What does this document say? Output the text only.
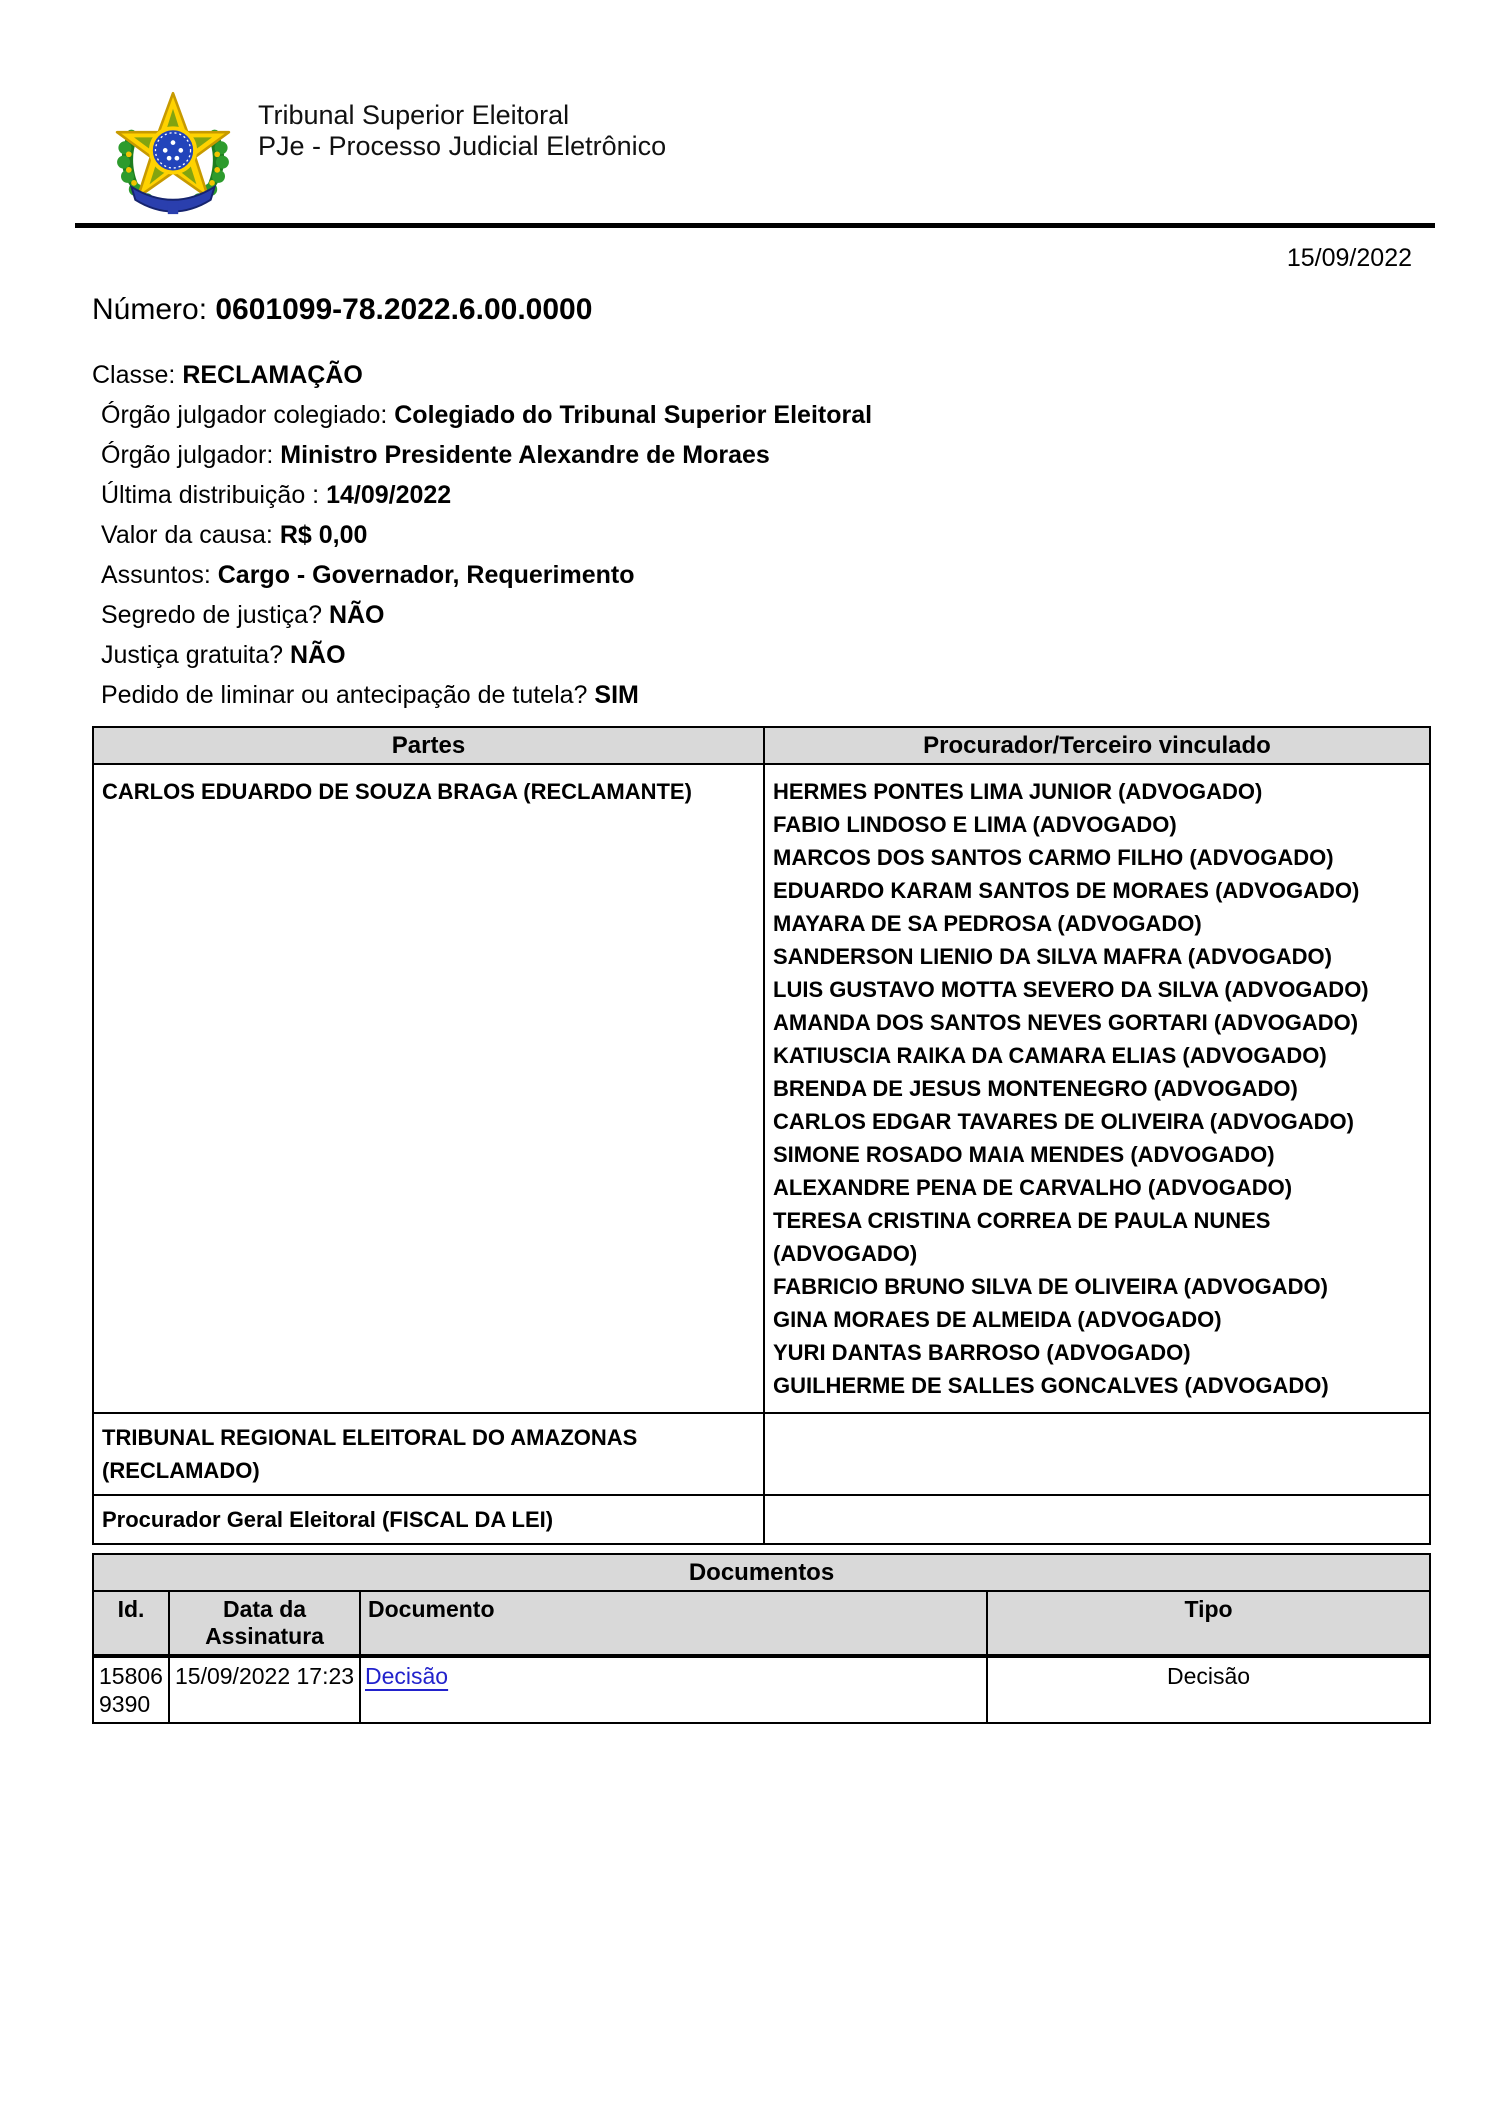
Tribunal Superior Eleitoral
PJe - Processo Judicial Eletrônico
15/09/2022
Número: 0601099-78.2022.6.00.0000
Classe: RECLAMAÇÃO
Órgão julgador colegiado: Colegiado do Tribunal Superior Eleitoral
Órgão julgador: Ministro Presidente Alexandre de Moraes
Última distribuição : 14/09/2022
Valor da causa: R$ 0,00
Assuntos: Cargo - Governador, Requerimento
Segredo de justiça? NÃO
Justiça gratuita? NÃO
Pedido de liminar ou antecipação de tutela? SIM
Partes	Procurador/Terceiro vinculado
CARLOS EDUARDO DE SOUZA BRAGA (RECLAMANTE)	HERMES PONTES LIMA JUNIOR (ADVOGADO)
FABIO LINDOSO E LIMA (ADVOGADO)
MARCOS DOS SANTOS CARMO FILHO (ADVOGADO)
EDUARDO KARAM SANTOS DE MORAES (ADVOGADO)
MAYARA DE SA PEDROSA (ADVOGADO)
SANDERSON LIENIO DA SILVA MAFRA (ADVOGADO)
LUIS GUSTAVO MOTTA SEVERO DA SILVA (ADVOGADO)
AMANDA DOS SANTOS NEVES GORTARI (ADVOGADO)
KATIUSCIA RAIKA DA CAMARA ELIAS (ADVOGADO)
BRENDA DE JESUS MONTENEGRO (ADVOGADO)
CARLOS EDGAR TAVARES DE OLIVEIRA (ADVOGADO)
SIMONE ROSADO MAIA MENDES (ADVOGADO)
ALEXANDRE PENA DE CARVALHO (ADVOGADO)
TERESA CRISTINA CORREA DE PAULA NUNES (ADVOGADO)
FABRICIO BRUNO SILVA DE OLIVEIRA (ADVOGADO)
GINA MORAES DE ALMEIDA (ADVOGADO)
YURI DANTAS BARROSO (ADVOGADO)
GUILHERME DE SALLES GONCALVES (ADVOGADO)

TRIBUNAL REGIONAL ELEITORAL DO AMAZONAS (RECLAMADO)	
Procurador Geral Eleitoral (FISCAL DA LEI)	
Documentos			
Id.	Data da Assinatura	Documento	Tipo
158069390	15/09/2022 17:23	Decisão	Decisão
